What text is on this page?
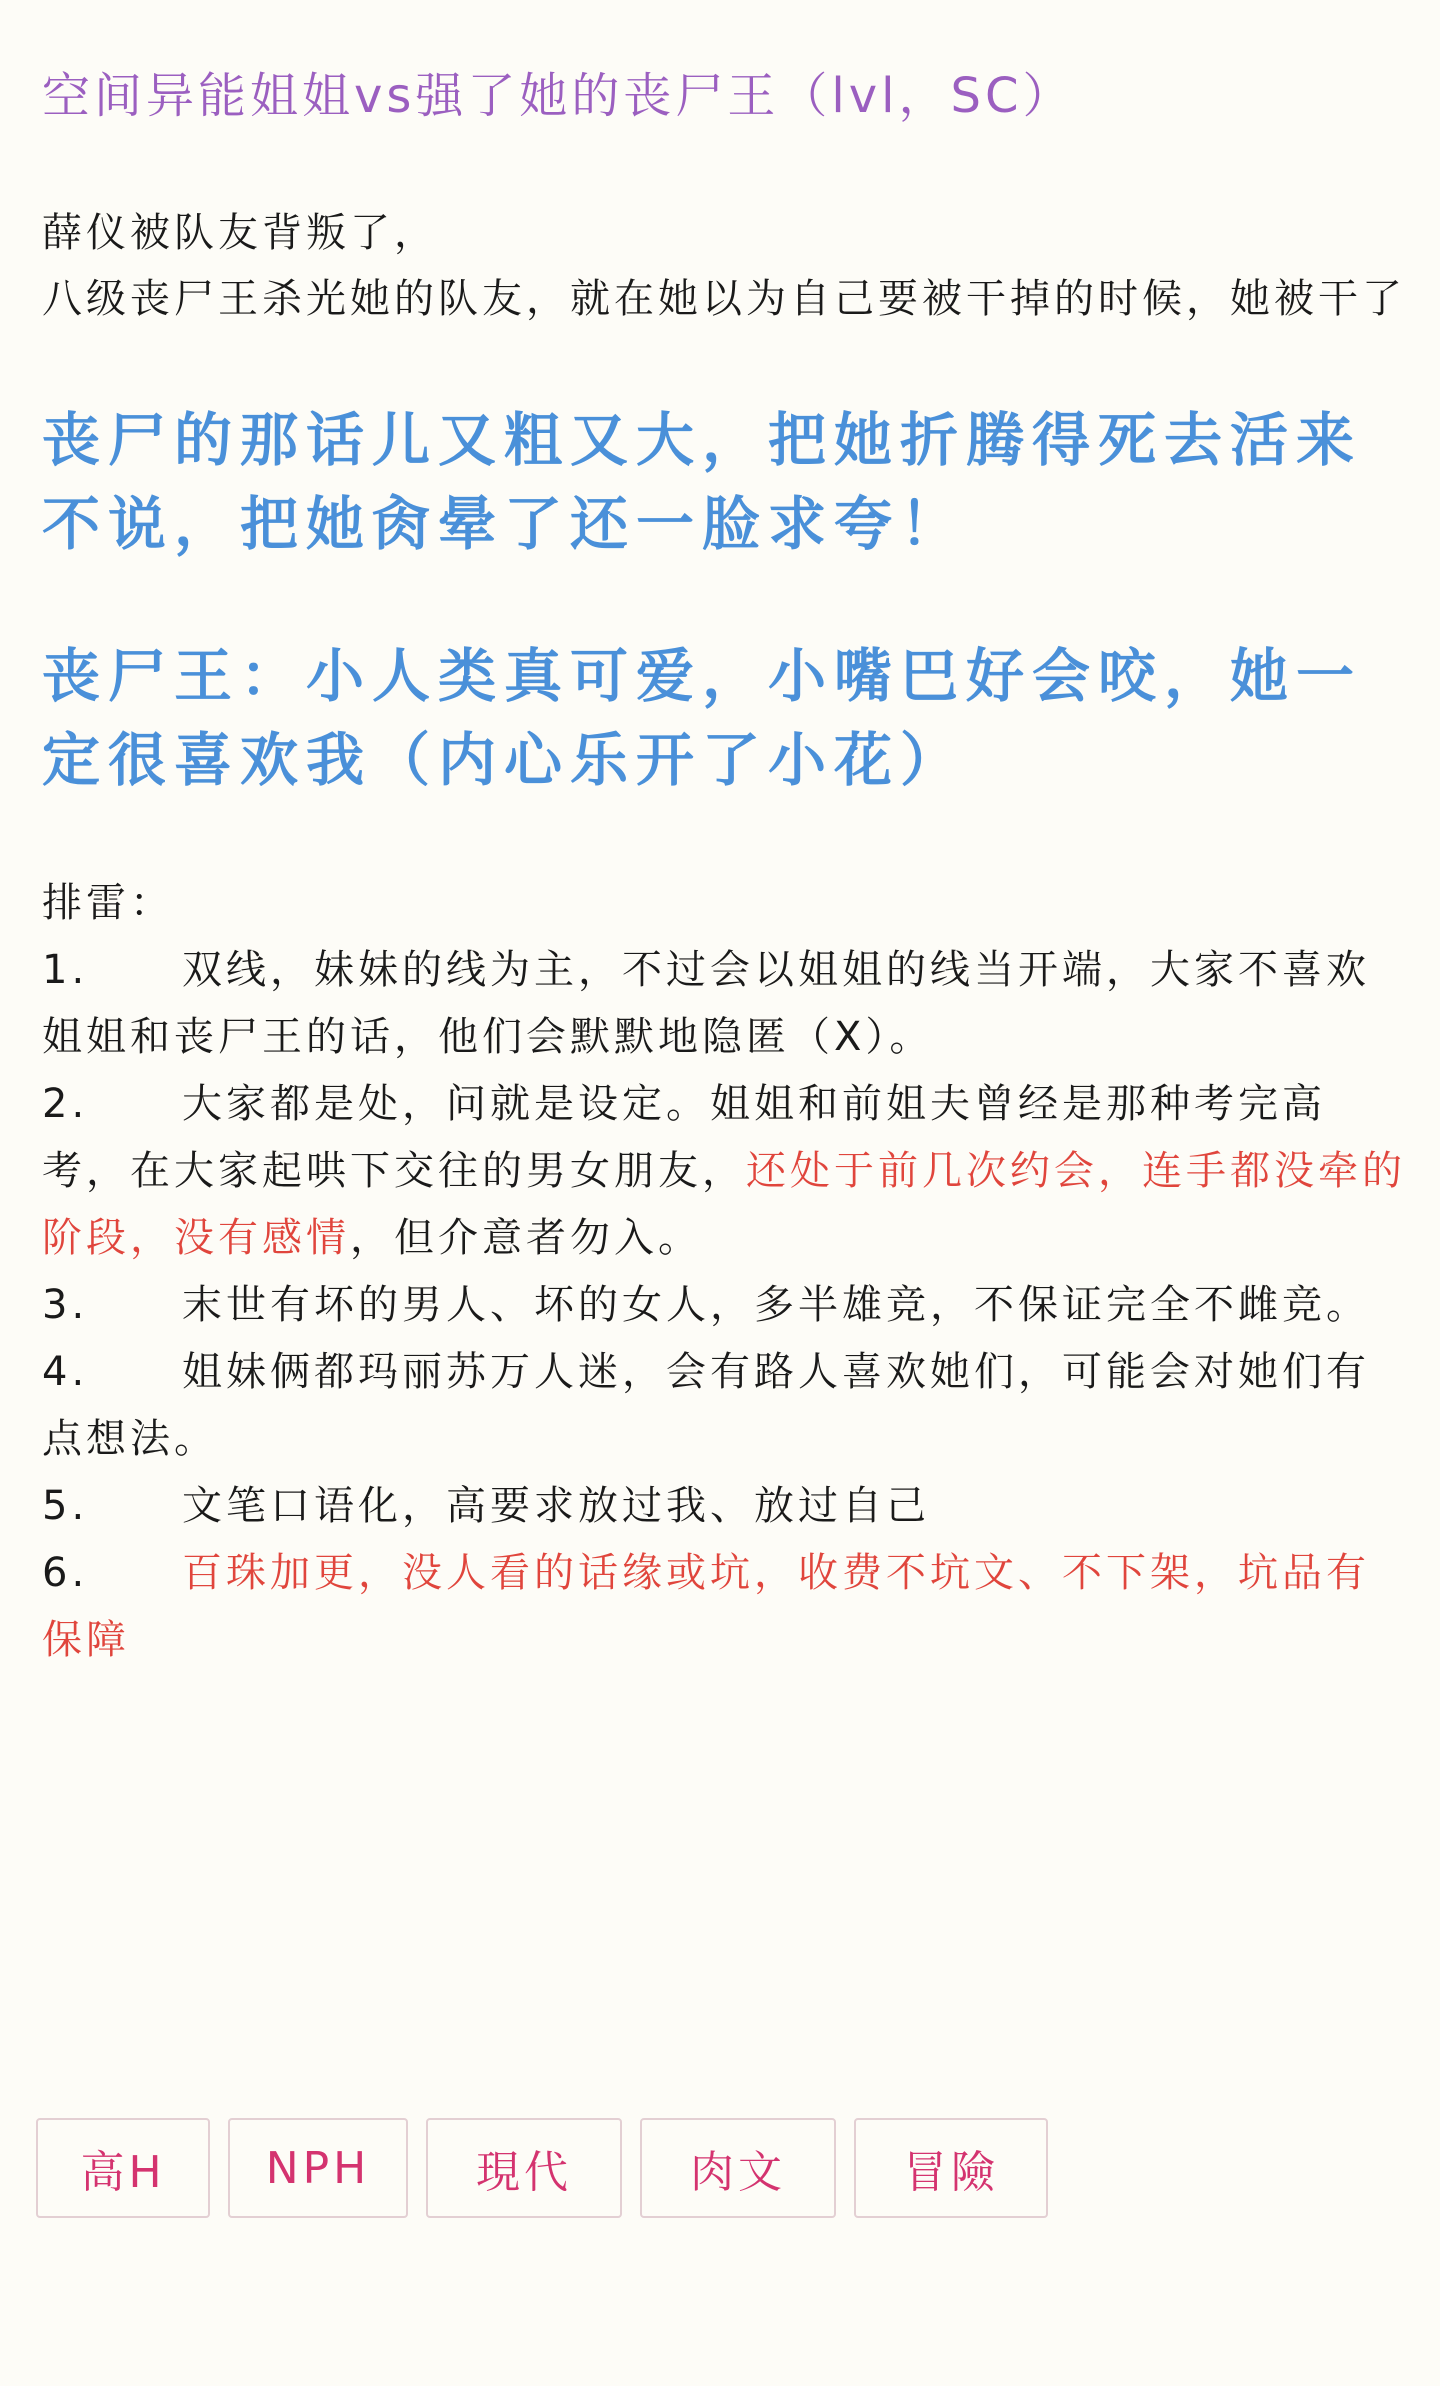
空间异能姐姐vs强了她的丧尸王（lvl，SC）

薛仪被队友背叛了，

八级丧尸王杀光她的队友，就在她以为自己要被干掉的时候，她被干了

丧尸的那话儿又粗又大，把她折腾得死去活来不说，把她肏晕了还一脸求夸！
丧尸王：小人类真可爱，小嘴巴好会咬，她一定很喜欢我（内心乐开了小花）

排雷：

1. 双线，妹妹的线为主，不过会以姐姐的线当开端，大家不喜欢姐姐和丧尸王的话，他们会默默地隐匿（X）。

2. 大家都是处，问就是设定。姐姐和前姐夫曾经是那种考完高考，在大家起哄下交往的男女朋友，还处于前几次约会，连手都没牵的阶段，没有感情，但介意者勿入。

3. 末世有坏的男人、坏的女人，多半雄竞，不保证完全不雌竞。

4. 姐妹俩都玛丽苏万人迷，会有路人喜欢她们，可能会对她们有点想法。

5. 文笔口语化，高要求放过我、放过自己

6. 百珠加更，没人看的话缘或坑，收费不坑文、不下架，坑品有保障

高H	NPH	現代	肉文	冒險
